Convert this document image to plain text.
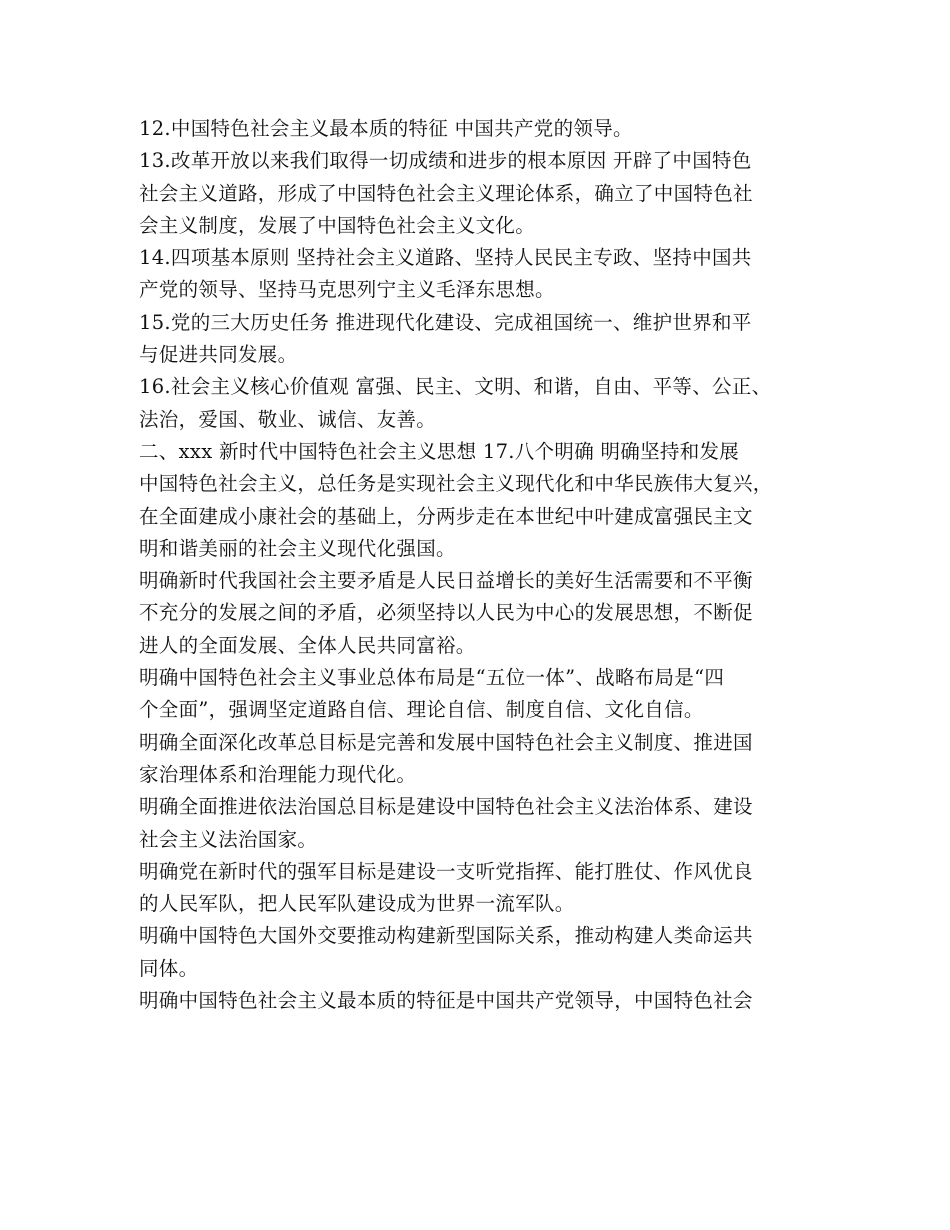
12.中国特色社会主义最本质的特征 中国共产党的领导。
13.改革开放以来我们取得一切成绩和进步的根本原因 开辟了中国特色
社会主义道路，形成了中国特色社会主义理论体系，确立了中国特色社
会主义制度，发展了中国特色社会主义文化。
14.四项基本原则 坚持社会主义道路、坚持人民民主专政、坚持中国共
产党的领导、坚持马克思列宁主义毛泽东思想。
15.党的三大历史任务 推进现代化建设、完成祖国统一、维护世界和平
与促进共同发展。
16.社会主义核心价值观 富强、民主、文明、和谐，自由、平等、公正、
法治，爱国、敬业、诚信、友善。
二、xxx 新时代中国特色社会主义思想 17.八个明确 明确坚持和发展
中国特色社会主义，总任务是实现社会主义现代化和中华民族伟大复兴，
在全面建成小康社会的基础上，分两步走在本世纪中叶建成富强民主文
明和谐美丽的社会主义现代化强国。
明确新时代我国社会主要矛盾是人民日益增长的美好生活需要和不平衡
不充分的发展之间的矛盾，必须坚持以人民为中心的发展思想，不断促
进人的全面发展、全体人民共同富裕。
明确中国特色社会主义事业总体布局是“五位一体”、战略布局是“四
个全面”，强调坚定道路自信、理论自信、制度自信、文化自信。
明确全面深化改革总目标是完善和发展中国特色社会主义制度、推进国
家治理体系和治理能力现代化。
明确全面推进依法治国总目标是建设中国特色社会主义法治体系、建设
社会主义法治国家。
明确党在新时代的强军目标是建设一支听党指挥、能打胜仗、作风优良
的人民军队，把人民军队建设成为世界一流军队。
明确中国特色大国外交要推动构建新型国际关系，推动构建人类命运共
同体。
明确中国特色社会主义最本质的特征是中国共产党领导，中国特色社会
